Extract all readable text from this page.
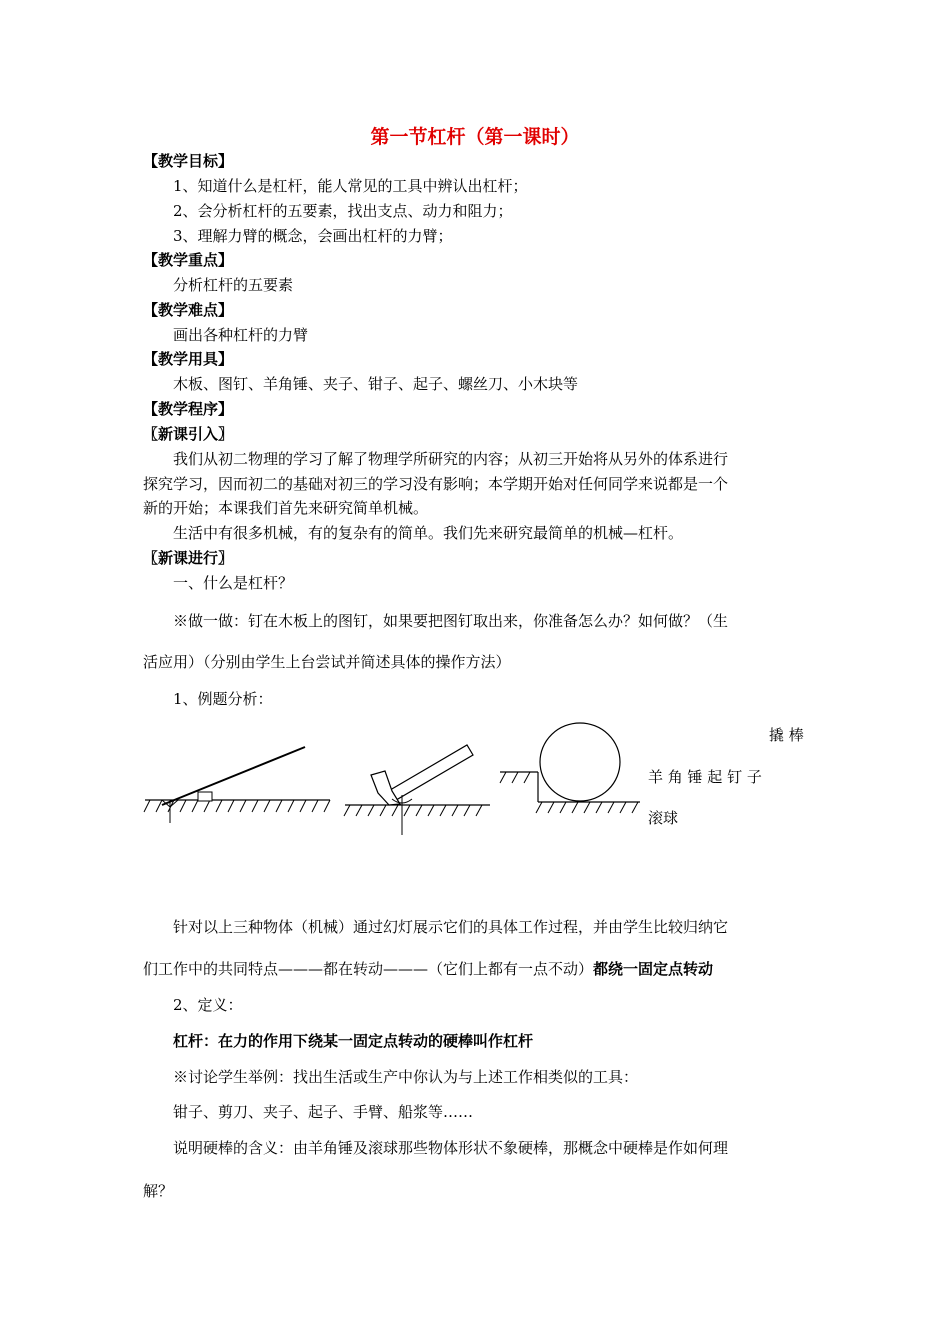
第一节杠杆（第一课时）
【教学目标】
1、知道什么是杠杆，能人常见的工具中辨认出杠杆；
2、会分析杠杆的五要素，找出支点、动力和阻力；
3、理解力臂的概念，会画出杠杆的力臂；
【教学重点】
分析杠杆的五要素
【教学难点】
画出各种杠杆的力臂
【教学用具】
木板、图钉、羊角锤、夹子、钳子、起子、螺丝刀、小木块等
【教学程序】
〖新课引入〗
我们从初二物理的学习了解了物理学所研究的内容；从初三开始将从另外的体系进行
探究学习，因而初二的基础对初三的学习没有影响；本学期开始对任何同学来说都是一个
新的开始；本课我们首先来研究简单机械。
生活中有很多机械，有的复杂有的简单。我们先来研究最简单的机械—杠杆。
〖新课进行〗
一、什么是杠杆？
※做一做：钉在木板上的图钉，如果要把图钉取出来，你准备怎么办？如何做？（生
活应用）（分别由学生上台尝试并简述具体的操作方法）
1、例题分析：
撬 棒
羊 角 锤 起 钉 子
滚球
针对以上三种物体（机械）通过幻灯展示它们的具体工作过程，并由学生比较归纳它
们工作中的共同特点———都在转动———（它们上都有一点不动）都绕一固定点转动
2、定义：
杠杆：在力的作用下绕某一固定点转动的硬棒叫作杠杆
※讨论学生举例：找出生活或生产中你认为与上述工作相类似的工具：
钳子、剪刀、夹子、起子、手臂、船浆等……
说明硬棒的含义：由羊角锤及滚球那些物体形状不象硬棒，那概念中硬棒是作如何理
解？
